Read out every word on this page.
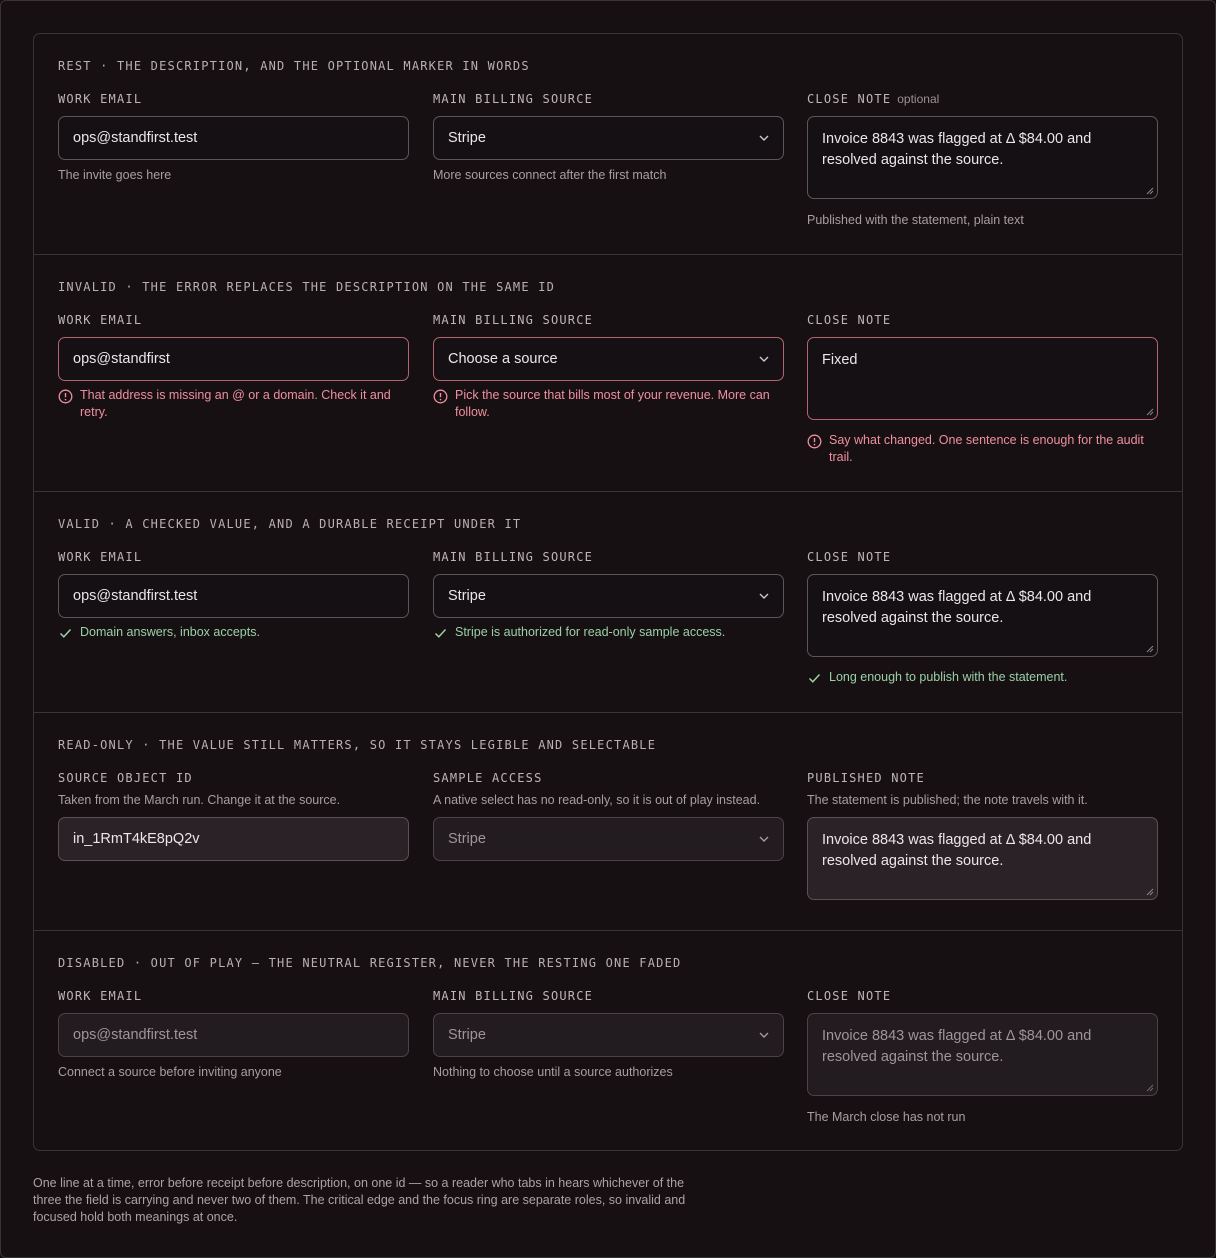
REST · THE DESCRIPTION, AND THE OPTIONAL MARKER IN WORDS
WORK EMAIL
ops@standfirst.test
The invite goes here
MAIN BILLING SOURCE
Stripe
More sources connect after the first match
CLOSE NOTE optional
Invoice 8843 was flagged at Δ $84.00 and resolved against the source.
Published with the statement, plain text
INVALID · THE ERROR REPLACES THE DESCRIPTION ON THE SAME ID
WORK EMAIL
ops@standfirst
That address is missing an @ or a domain. Check it and retry.
MAIN BILLING SOURCE
Choose a source
Pick the source that bills most of your revenue. More can follow.
CLOSE NOTE
Fixed
Say what changed. One sentence is enough for the audit trail.
VALID · A CHECKED VALUE, AND A DURABLE RECEIPT UNDER IT
WORK EMAIL
ops@standfirst.test
Domain answers, inbox accepts.
MAIN BILLING SOURCE
Stripe
Stripe is authorized for read-only sample access.
CLOSE NOTE
Invoice 8843 was flagged at Δ $84.00 and resolved against the source.
Long enough to publish with the statement.
READ-ONLY · THE VALUE STILL MATTERS, SO IT STAYS LEGIBLE AND SELECTABLE
SOURCE OBJECT ID
Taken from the March run. Change it at the source.
in_1RmT4kE8pQ2v
SAMPLE ACCESS
A native select has no read-only, so it is out of play instead.
Stripe
PUBLISHED NOTE
The statement is published; the note travels with it.
Invoice 8843 was flagged at Δ $84.00 and resolved against the source.
DISABLED · OUT OF PLAY — THE NEUTRAL REGISTER, NEVER THE RESTING ONE FADED
WORK EMAIL
ops@standfirst.test
Connect a source before inviting anyone
MAIN BILLING SOURCE
Stripe
Nothing to choose until a source authorizes
CLOSE NOTE
Invoice 8843 was flagged at Δ $84.00 and resolved against the source.
The March close has not run
One line at a time, error before receipt before description, on one id — so a reader who tabs in hears whichever of the three the field is carrying and never two of them. The critical edge and the focus ring are separate roles, so invalid and focused hold both meanings at once.
